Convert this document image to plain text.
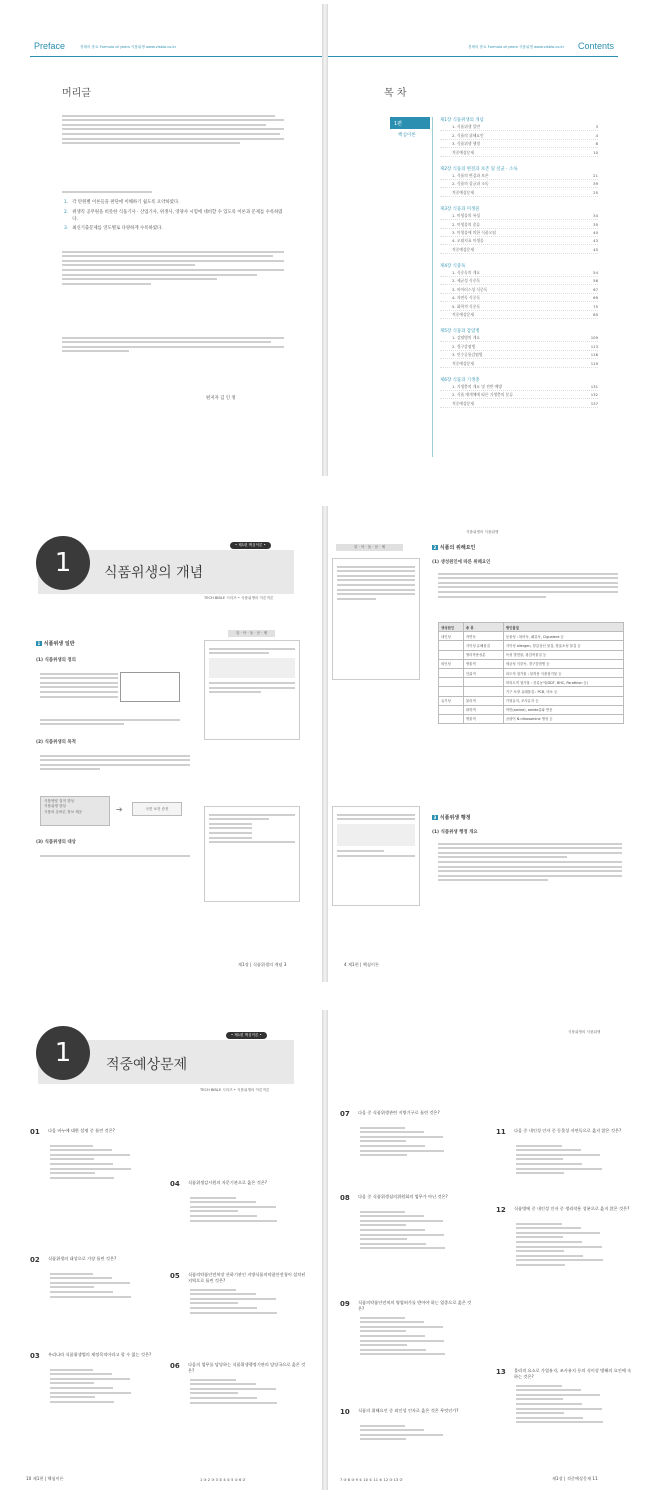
Preface	경제의 중요 Formula of years 식품위생 www.visbla.co.kr
머리글
1. 각 탄원별 이론들을 판단에 이해하기 쉽도록 요약하였다.
2. 위생직 공무원을 비롯한 식품기사 · 산업기사, 위생사, 영양사 시험에 대비할 수 있도록 이론과 문제를 수록하였다.
3. 최신기출문제를 연도별로 다양하게 수록하였다.
편저자 김 인 정
경제의 중요 Formula of years 식품위생 www.visbla.co.kr Contents
목 차
1편
핵심이론
제1장 식품위생의 개념
1. 식품위생 일반	3
2. 식품의 위해요인	4
3. 식품위생 행정	6
적중예상문제	10
제2장 식품의 변질과 보존 및 살균 · 소독
1. 식품의 변질과 보존	21
2. 식품의 살균과 소독	39
적중예상문제	25
제3장 식품과 미생물
1. 미생물의 특성	34
2. 미생물의 종류	35
3. 미생물에 의한 식품오염	40
4. 오염지표 미생물	43
적중예상문제	45
제4장 식중독
1. 식중독의 개요	54
2. 세균성 식중독	56
3. 바이러스성 식중독	67
4. 자연독 식중독	69
5. 화학적 식중독	75
적중예상문제	85
제5장 식품과 감염병
1. 감염병의 개요	109
2. 경구감염병	113
3. 인수공통감염병	116
적중예상문제	119
제6장 식품과 기생충
1. 기생충의 개요 및 전반 예방	131
2. 식품 매개체에 따른 기생충의 분류	132
적중예상문제	137
• 제1편 핵심이론 •
1 식품위생의 개념
TECH BIBLE 시리즈 • 식품위생의 이론적론
알 · 아 · 둘 · 문 · 제
1 식품위생 일반
(1) 식품위생의 정의
(2) 식품위생의 목적
식품영양 질적 향상
식품위생 향상
식품의 올바른 정보 제공	➔	국민 보건 증진
(3) 식품위생의 대상
제1장 | 식품위생의 개념 3
식품위생의 식품위생
알 · 아 · 둘 · 문 · 제	2 식품의 위해요인
(1) 생성원인에 따른 위해요인
생성원인	종 류	병인물질
내인성	자연독	동물성 : 복어독, 패류독, Ciguatera 등
	식이성 유해물질	식이성 allergen, 항갑상선 물질, 항효소성 물질 등
	생리작용성분	독성 발현물, 광감작물질 등
외인성	생물적	세균성 식중독, 경구감염병 등
	인위적	의도적 첨가물 : 불허용 식품첨가물 등
		비의도적 첨가물 : 잔류농약(DDT, BHC, Parathion 등)
		기구 포장 유래물질 : PCB, 비소 등
유기성	물리적	가열유지, 조사유지 등
	화학적	아민(amine), amide류와 반응
	생물적	곰팡이 N-nitrosamine 생성 등
3 식품위생 행정
(1) 식품위생 행정 개요
4 제1편 | 핵심이론
• 제1편 핵심이론 •
1 적중예상문제
TECH BIBLE 시리즈 • 식품위생의 이론적론
01 다음 바누에 대한 설명 중 틀린 것은?
02 식품위생의 대상으로 가장 틀린 것은?
03 우리나라 식품위생법의 제정목적이라고 할 수 없는 것은?
04 식품위생감시원의 자문기관으로 옳은 것은?
05 식품의약품안전처장 산하기관인 지방식품의약품안전청이 설치된 지역으로 틀린 것은?
06 다음의 업무를 담당하는 식품위생행정기관의 담당국으로 옳은 것은?
1 ③ 2 ③ 3 ② 4 ① 5 ① 6 ②
10 제1편 | 핵심이론
식품위생의 식품위생
07 다음 중 식품위생관련 지방기구로 틀린 것은?
08 다음 중 식품위생심의위원회의 업무가 아닌 것은?
09 식품의약품안전처의 영업허가를 받아야 하는 업종으로 옳은 것은?
10 식품의 위해요인 중 외인성 인자로 옳은 것은 무엇인가?
11 다음 중 내인성 인자 중 동물성 자연독으로 옳지 않은 것은?
12 식품병에 중 내인성 인자 중 생리작용 성분으로 옳지 않은 것은?
13 물리적 요소로 가열유지, 조사유지 등의 식이성 병해의 요인에 속하는 것은?
7 ③ 8 ③ 9 ① 10 ① 11 ④ 12 ③ 13 ②	제1장 | 적중예상문제 11
